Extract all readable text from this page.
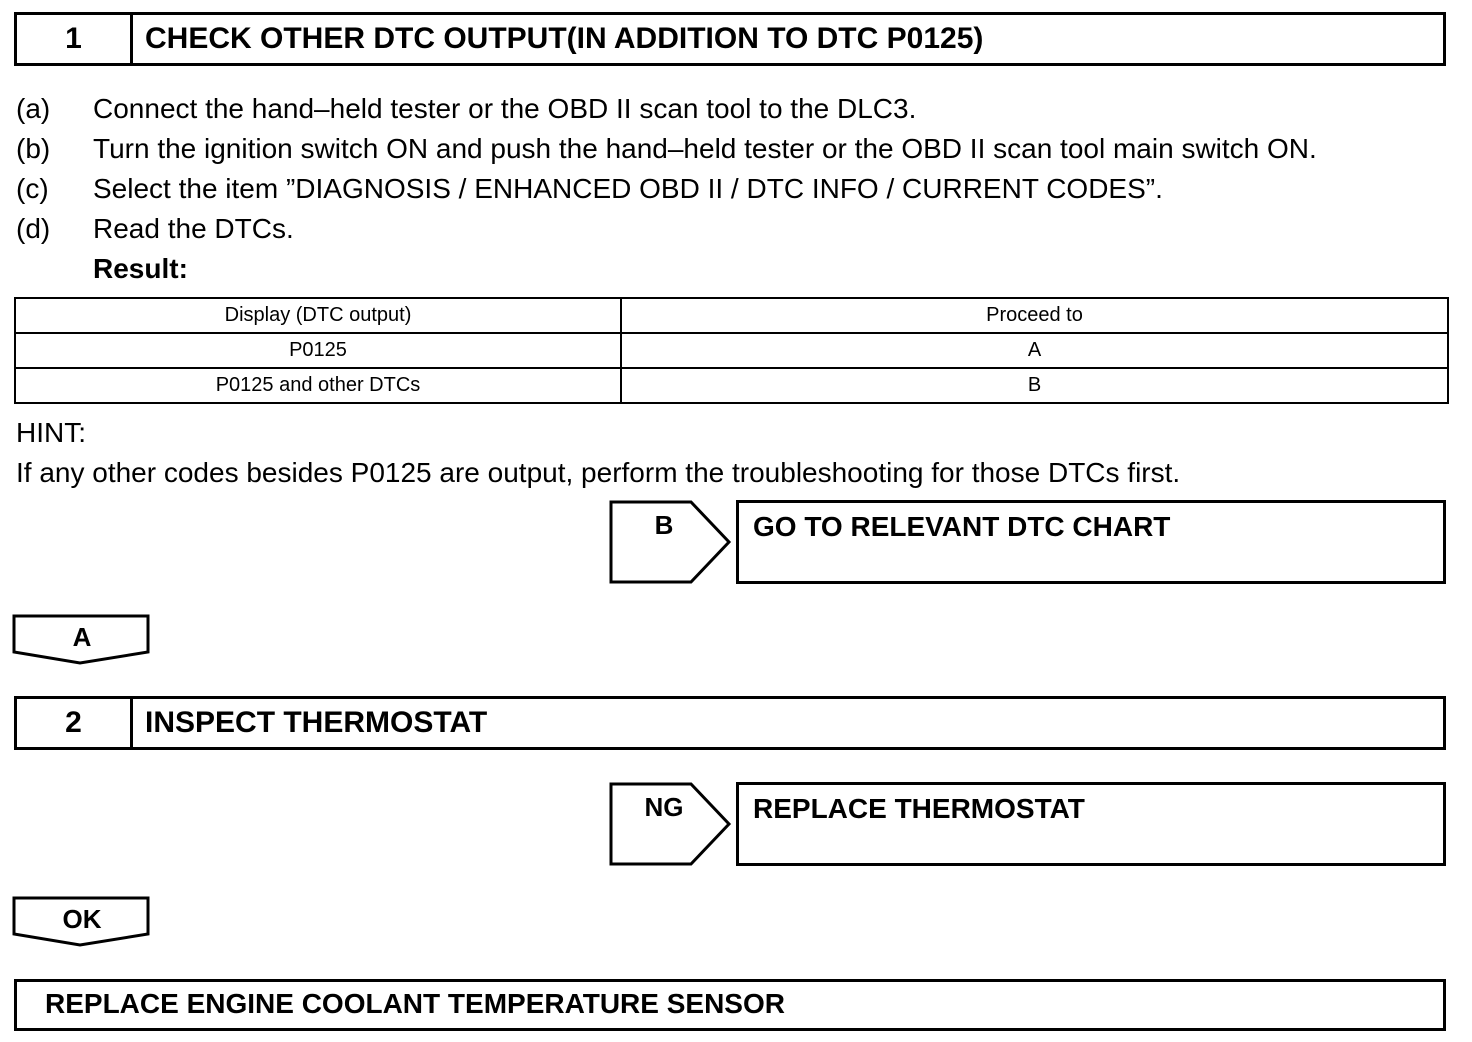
1	CHECK OTHER DTC OUTPUT(IN ADDITION TO DTC P0125)
(a) Connect the hand–held tester or the OBD II scan tool to the DLC3.
(b) Turn the ignition switch ON and push the hand–held tester or the OBD II scan tool main switch ON.
(c) Select the item ”DIAGNOSIS / ENHANCED OBD II / DTC INFO / CURRENT CODES”.
(d) Read the DTCs.
Result:
Display (DTC output)	Proceed to
P0125	A
P0125 and other DTCs	B
HINT:
If any other codes besides P0125 are output, perform the troubleshooting for those DTCs first.
B	GO TO RELEVANT DTC CHART
A
2	INSPECT THERMOSTAT
NG	REPLACE THERMOSTAT
OK
REPLACE ENGINE COOLANT TEMPERATURE SENSOR
